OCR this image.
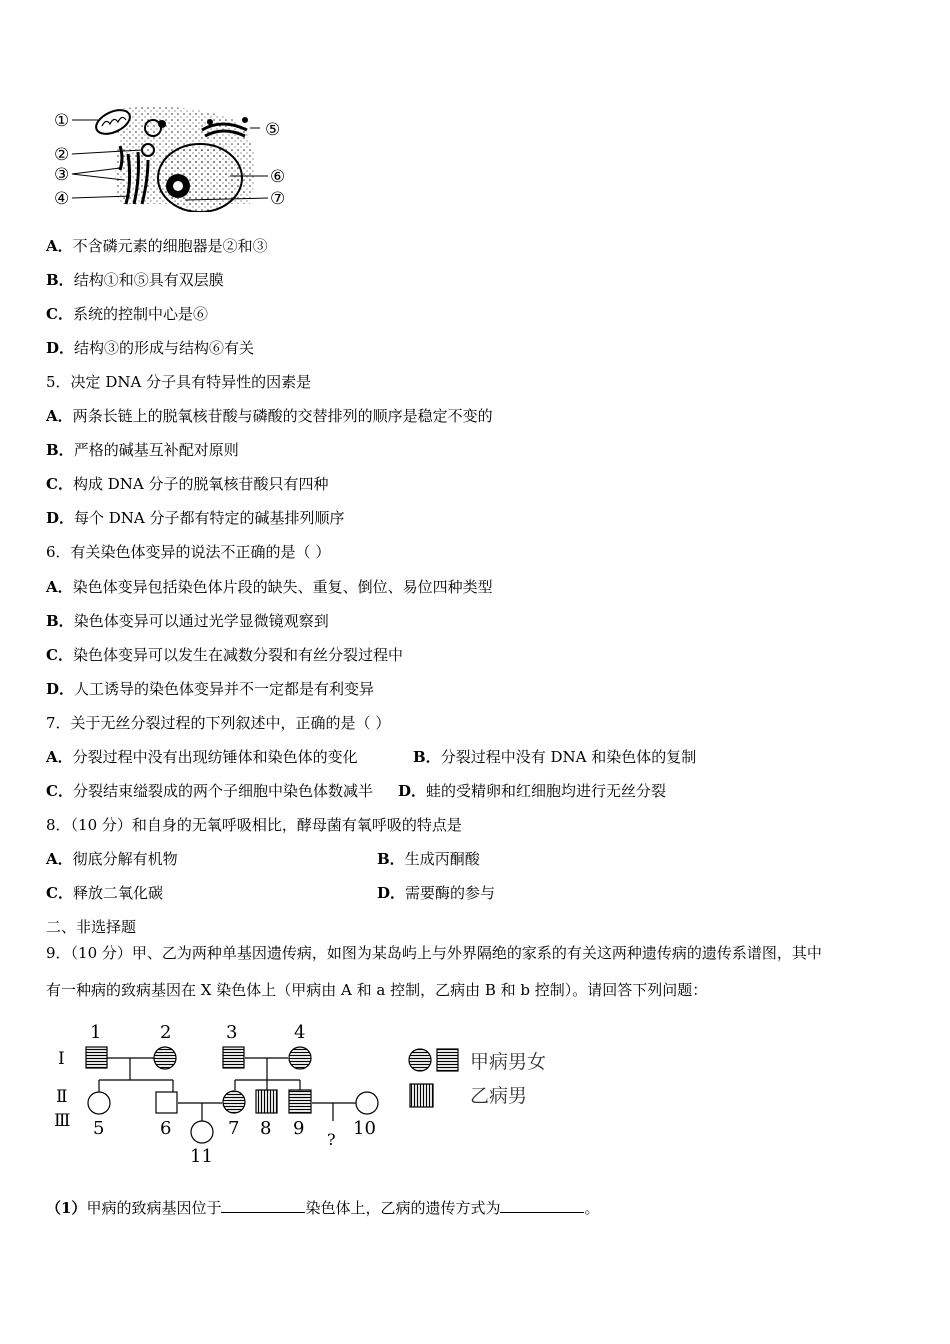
①
②
③
④
⑤
⑥
⑦
A．不含磷元素的细胞器是②和③
B．结构①和⑤具有双层膜
C．系统的控制中心是⑥
D．结构③的形成与结构⑥有关
5．决定 DNA 分子具有特异性的因素是
A．两条长链上的脱氧核苷酸与磷酸的交替排列的顺序是稳定不变的
B．严格的碱基互补配对原则
C．构成 DNA 分子的脱氧核苷酸只有四种
D．每个 DNA 分子都有特定的碱基排列顺序
6．有关染色体变异的说法不正确的是（ ）
A．染色体变异包括染色体片段的缺失、重复、倒位、易位四种类型
B．染色体变异可以通过光学显微镜观察到
C．染色体变异可以发生在减数分裂和有丝分裂过程中
D．人工诱导的染色体变异并不一定都是有利变异
7．关于无丝分裂过程的下列叙述中，正确的是（ ）
A．分裂过程中没有出现纺锤体和染色体的变化	B．分裂过程中没有 DNA 和染色体的复制
C．分裂结束缢裂成的两个子细胞中染色体数减半 D．蛙的受精卵和红细胞均进行无丝分裂
8．（10 分）和自身的无氧呼吸相比，酵母菌有氧呼吸的特点是
A．彻底分解有机物	B．生成丙酮酸
C．释放二氧化碳	D．需要酶的参与
二、非选择题
9．（10 分）甲、乙为两种单基因遗传病，如图为某岛屿上与外界隔绝的家系的有关这两种遗传病的遗传系谱图，其中
有一种病的致病基因在 X 染色体上（甲病由 A 和 a 控制，乙病由 B 和 b 控制）。请回答下列问题：
Ⅰ
Ⅱ
Ⅲ
1	2	3	4
5	6	7 8 9	10
11
?
甲病男女
乙病男
（1）甲病的致病基因位于	染色体上，乙病的遗传方式为	。
